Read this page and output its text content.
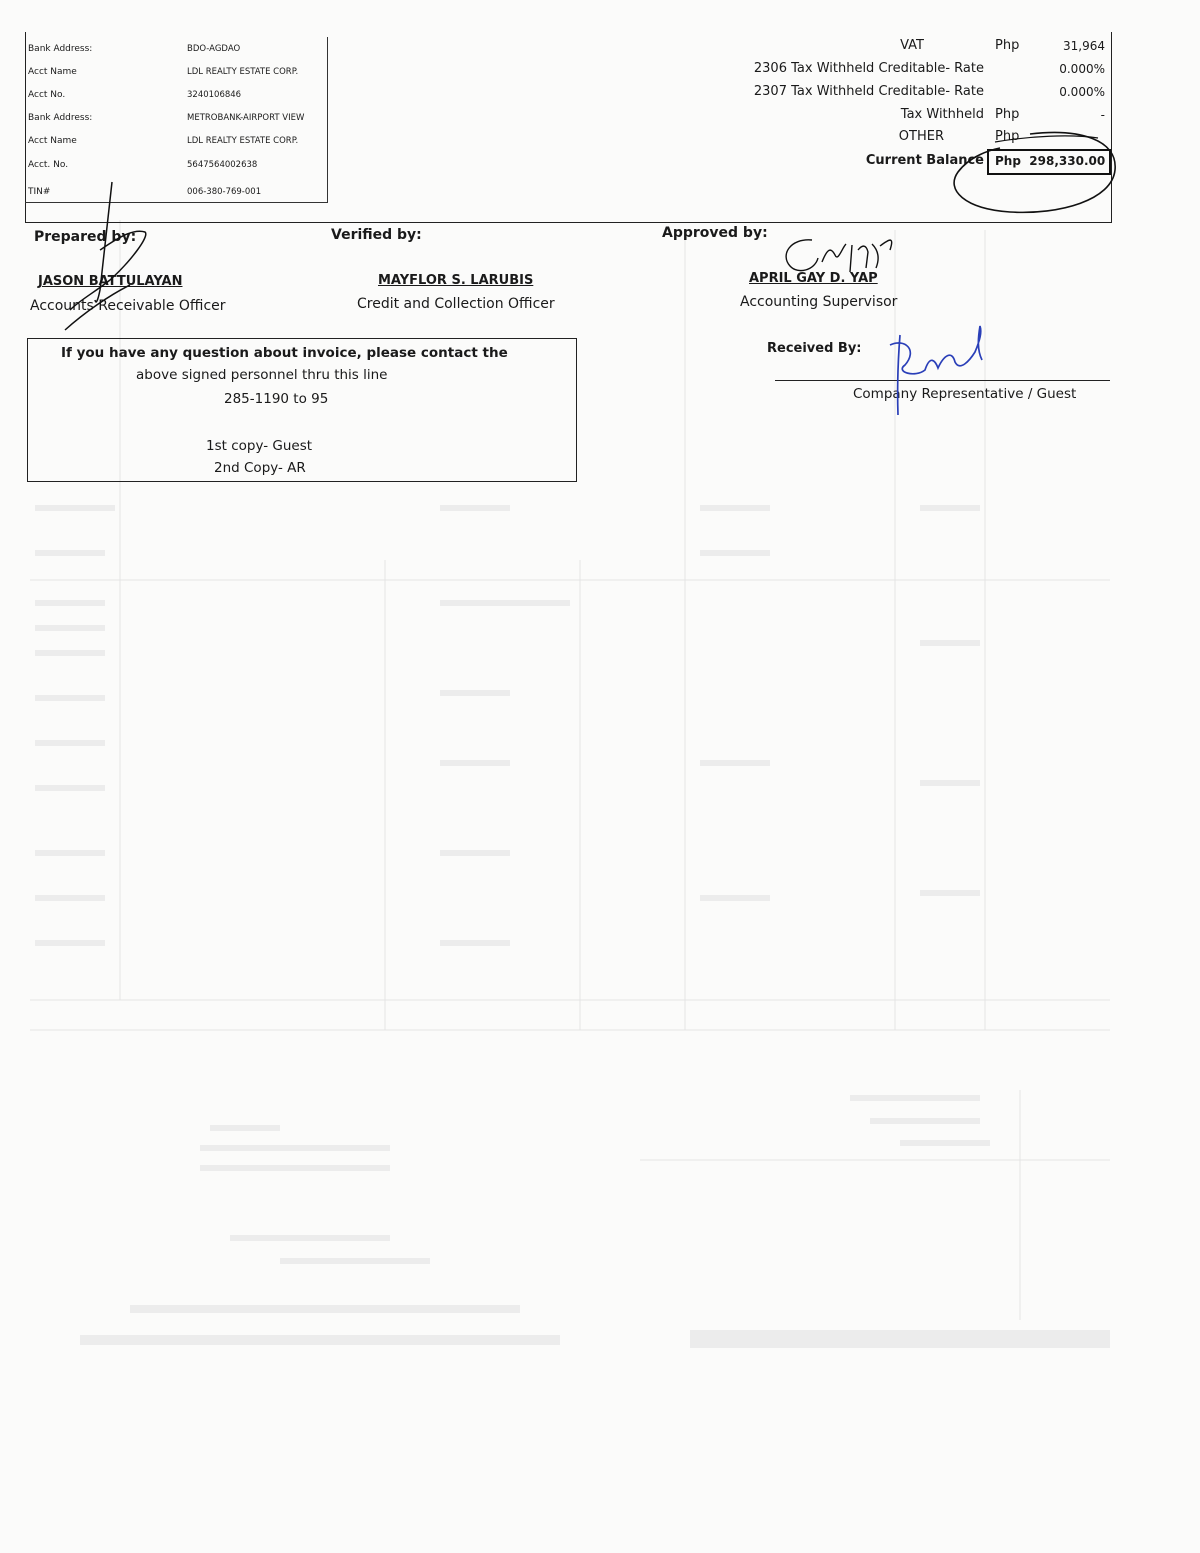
Bank Address:	BDO-AGDAO
Acct Name	LDL REALTY ESTATE CORP.
Acct No.	3240106846
Bank Address:	METROBANK-AIRPORT VIEW
Acct Name	LDL REALTY ESTATE CORP.
Acct. No.	5647564002638
TIN#	006-380-769-001
VAT	Php	31,964
2306 Tax Withheld Creditable- Rate	0.000%
2307 Tax Withheld Creditable- Rate	0.000%
Tax Withheld Php	-
OTHER	Php
Current Balance Php  298,330.00
Prepared by:
JASON BATTULAYAN
Accounts Receivable Officer
Verified by:
MAYFLOR S. LARUBIS
Credit and Collection Officer
Approved by:
APRIL GAY D. YAP
Accounting Supervisor
Received By:
Company Representative / Guest
If you have any question about invoice, please contact the
above signed personnel thru this line
285-1190 to 95
1st copy- Guest
2nd Copy- AR
